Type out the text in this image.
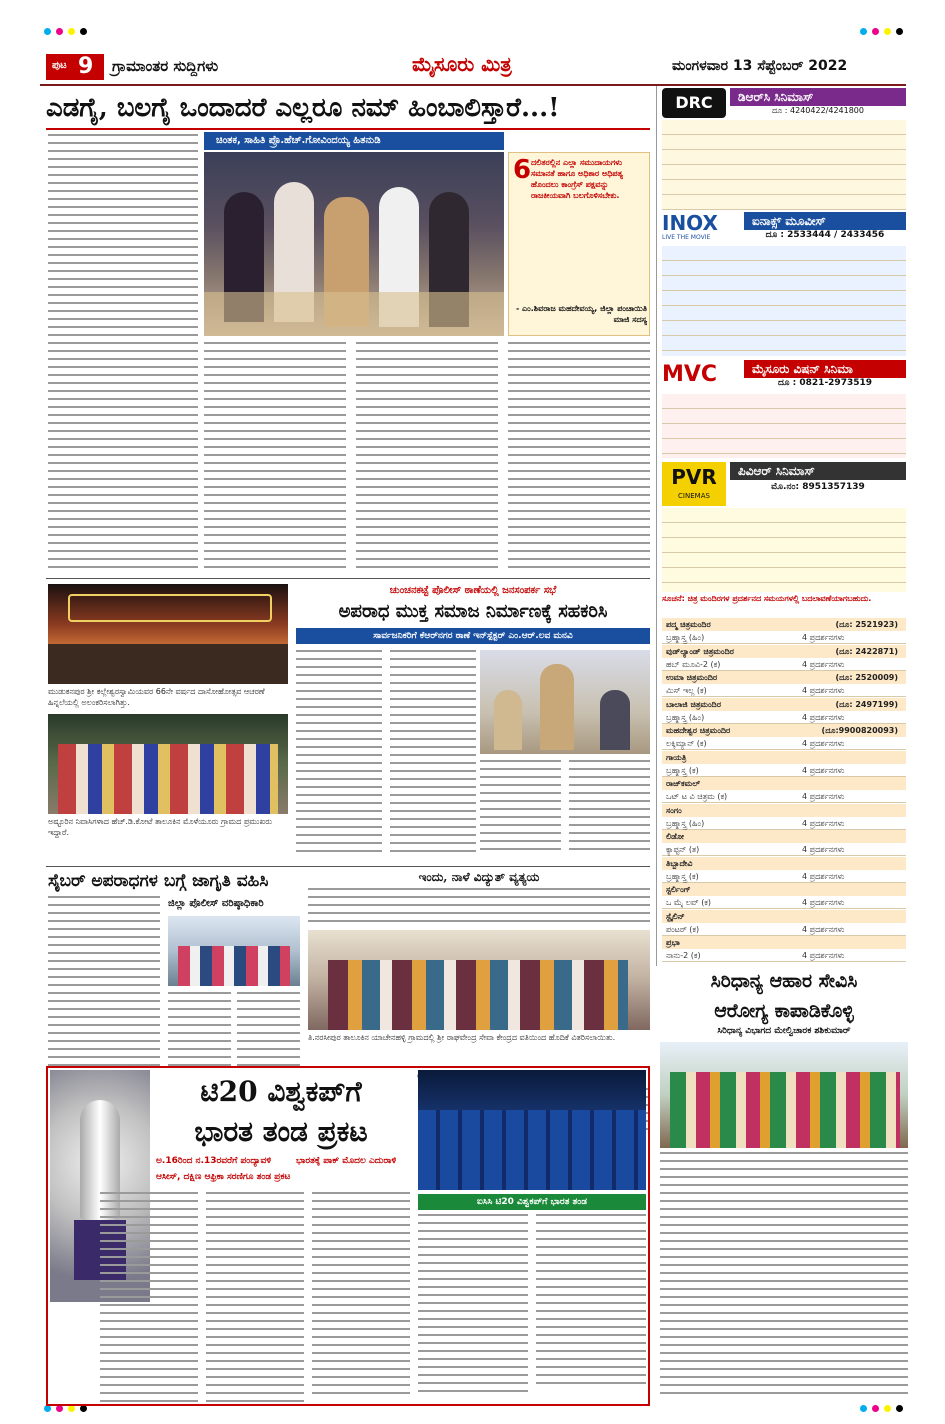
ಪುಟ 9 ಗ್ರಾಮಾಂತರ ಸುದ್ದಿಗಳು	ಮೈಸೂರು ಮಿತ್ರ	ಮಂಗಳವಾರ 13 ಸೆಪ್ಟೆಂಬರ್ 2022
ಎಡಗೈ, ಬಲಗೈ ಒಂದಾದರೆ ಎಲ್ಲರೂ ನಮ್ ಹಿಂಬಾಲಿಸ್ತಾರೆ...!
ಚಿಂತಕ, ಸಾಹಿತಿ ಪ್ರೊ.ಹೆಚ್.ಗೋವಿಂದಯ್ಯ ಹಿತನುಡಿ
6 ದಲಿತರಲ್ಲಿನ ಎಲ್ಲಾ ಸಮುದಾಯಗಳು ಸಮಾನತೆ ಹಾಗೂ ಅಧಿಕಾರ ಅಧಿಪತ್ಯ ಹೊಂದಲು ಕಾಂಗ್ರೆಸ್ ಪಕ್ಷವನ್ನು ರಾಜಕೀಯವಾಗಿ ಬಲಗೊಳಿಸಬೇಕು.
- ಎಂ.ಶಿವರಾಜ ಮಹದೇವಯ್ಯ, ಜಿಲ್ಲಾ ಪಂಚಾಯಿತಿ ಮಾಜಿ ಸದಸ್ಯ
ಮುಡುಕನಪುರ ಶ್ರೀ ಕಲ್ಲೇಶ್ವರಸ್ವಾಮಿಯವರ 66ನೇ ವರ್ಷದ ದಾಸೋಹೋತ್ಸವ ಆಚರಣೆ ಹಿನ್ನಲೆಯಲ್ಲಿ ಅಲಂಕರಿಸಲಾಗಿತ್ತು.
ಅಷ್ಟೂರಿನ ನಿವಾಸಿಗಳಾದ ಹೆಚ್.ಡಿ.ಕೋಟೆ ತಾಲೂಕಿನ ಮೊಳೆಯೂರು ಗ್ರಾಮದ ಪ್ರಮುಖರು ಇದ್ದಾರೆ.
ಚುಂಚನಕಟ್ಟೆ ಪೊಲೀಸ್ ಠಾಣೆಯಲ್ಲಿ ಜನಸಂಪರ್ಕ ಸಭೆ
ಅಪರಾಧ ಮುಕ್ತ ಸಮಾಜ ನಿರ್ಮಾಣಕ್ಕೆ ಸಹಕರಿಸಿ
ಸಾರ್ವಜನಿಕರಿಗೆ ಕೆಆರ್‌ನಗರ ಠಾಣೆ ಇನ್‌ಸ್ಪೆಕ್ಟರ್ ಎಂ.ಆರ್.ಲವ ಮನವಿ
ಸೈಬರ್ ಅಪರಾಧಗಳ ಬಗ್ಗೆ ಜಾಗೃತಿ ವಹಿಸಿ
ಜಿಲ್ಲಾ ಪೊಲೀಸ್ ವರಿಷ್ಠಾಧಿಕಾರಿ
ಇಂದು, ನಾಳೆ ವಿದ್ಯುತ್ ವ್ಯತ್ಯಯ
ತಿ.ನರಸೀಪುರ ತಾಲೂಕಿನ ಯಾಚೇನಹಳ್ಳಿ ಗ್ರಾಮದಲ್ಲಿ ಶ್ರೀ ರಾಘವೇಂದ್ರ ಸೇವಾ ಕೇಂದ್ರದ ವತಿಯಿಂದ ಹೊದಿಕೆ ವಿತರಿಸಲಾಯಿತು.
ಟಿ20 ವಿಶ್ವಕಪ್‌ಗೆ
ಭಾರತ ತಂಡ ಪ್ರಕಟ
ಅ.16ರಿಂದ ನ.13ರವರೆಗೆ ಪಂದ್ಯಾವಳಿ	ಭಾರತಕ್ಕೆ ಪಾಕ್ ಮೊದಲ ಎದುರಾಳಿ
ಆಸೀಸ್, ದಕ್ಷಿಣ ಆಫ್ರಿಕಾ ಸರಣಿಗೂ ತಂಡ ಪ್ರಕಟ
ಐಸಿಸಿ ಟಿ20 ವಿಶ್ವಕಪ್‌ಗೆ ಭಾರತ ತಂಡ
DRC	ಡಿಆರ್‌ಸಿ ಸಿನಿಮಾಸ್
ದೂ : 4240422/4241800
INOX
LIVE THE MOVIE
ಐನಾಕ್ಸ್ ಮೂವೀಸ್
ದೂ : 2533444 / 2433456
MVC	ಮೈಸೂರು ವಿಷನ್ ಸಿನಿಮಾ
ದೂ : 0821-2973519
PVR
CINEMAS
ಪಿವಿಆರ್ ಸಿನಿಮಾಸ್
ಮೊ.ನಂ: 8951357139
ಸೂಚನೆ: ಚಿತ್ರ ಮಂದಿರಗಳ ಪ್ರದರ್ಶನದ ಸಮಯಗಳಲ್ಲಿ ಬದಲಾವಣೆಯಾಗಬಹುದು.
ಪದ್ಮ ಚಿತ್ರಮಂದಿರ	(ದೂ: 2521923)
ಬ್ರಹ್ಮಾಸ್ತ್ರ (ಹಿಂ)	4 ಪ್ರದರ್ಶನಗಳು
ವುಡ್‌ಲ್ಯಾಂಡ್ ಚಿತ್ರಮಂದಿರ	(ದೂ: 2422871)
ಹಬ್ ಮೂವಿ-2 (ಕ)	4 ಪ್ರದರ್ಶನಗಳು
ಉಮಾ ಚಿತ್ರಮಂದಿರ	(ದೂ: 2520009)
ಮಿಸ್ ಇಲ್ಲ (ಕ)	4 ಪ್ರದರ್ಶನಗಳು
ಬಾಲಾಜಿ ಚಿತ್ರಮಂದಿರ	(ದೂ: 2497199)
ಬ್ರಹ್ಮಾಸ್ತ್ರ (ಹಿಂ)	4 ಪ್ರದರ್ಶನಗಳು
ಮಹದೇಶ್ವರ ಚಿತ್ರಮಂದಿರ	(ದೂ:9900820093)
ಲಕ್ಕಿಮ್ಯಾನ್ (ಕ)	4 ಪ್ರದರ್ಶನಗಳು
ಗಾಯತ್ರಿ
ಬ್ರಹ್ಮಾಸ್ತ್ರ (ಕ)	4 ಪ್ರದರ್ಶನಗಳು
ರಾಜ್‌ಕಮಲ್
ಒಟ್ ಟ ವಿ ಚಿತ್ರಮ (ಕ)	4 ಪ್ರದರ್ಶನಗಳು
ಸಂಗಂ
ಬ್ರಹ್ಮಾಸ್ತ್ರ (ಹಿಂ)	4 ಪ್ರದರ್ಶನಗಳು
ಲಿಡೋ
ಕ್ಯಾಪ್ಟನ್ (ತ)	4 ಪ್ರದರ್ಶನಗಳು
ತಿಬ್ಬಾದೇವಿ
ಬ್ರಹ್ಮಾಸ್ತ್ರ (ಕ)	4 ಪ್ರದರ್ಶನಗಳು
ಸ್ಟರ್ಲಿಂಗ್
ಒ ಮೈ ಲವ್ (ಕ)	4 ಪ್ರದರ್ಶನಗಳು
ಸ್ಟೈಲಿನ್
ಪಂಟರ್ (ಕ)	4 ಪ್ರದರ್ಶನಗಳು
ಪ್ರಭಾ
ನಾನು-2 (ಕ)	4 ಪ್ರದರ್ಶನಗಳು
ಸಿರಿಧಾನ್ಯ ಆಹಾರ ಸೇವಿಸಿ
ಆರೋಗ್ಯ ಕಾಪಾಡಿಕೊಳ್ಳಿ
ಸಿರಿಧಾನ್ಯ ವಿಭಾಗದ ಮೇಲ್ವಿಚಾರಕ ಶಶಿಕುಮಾರ್
